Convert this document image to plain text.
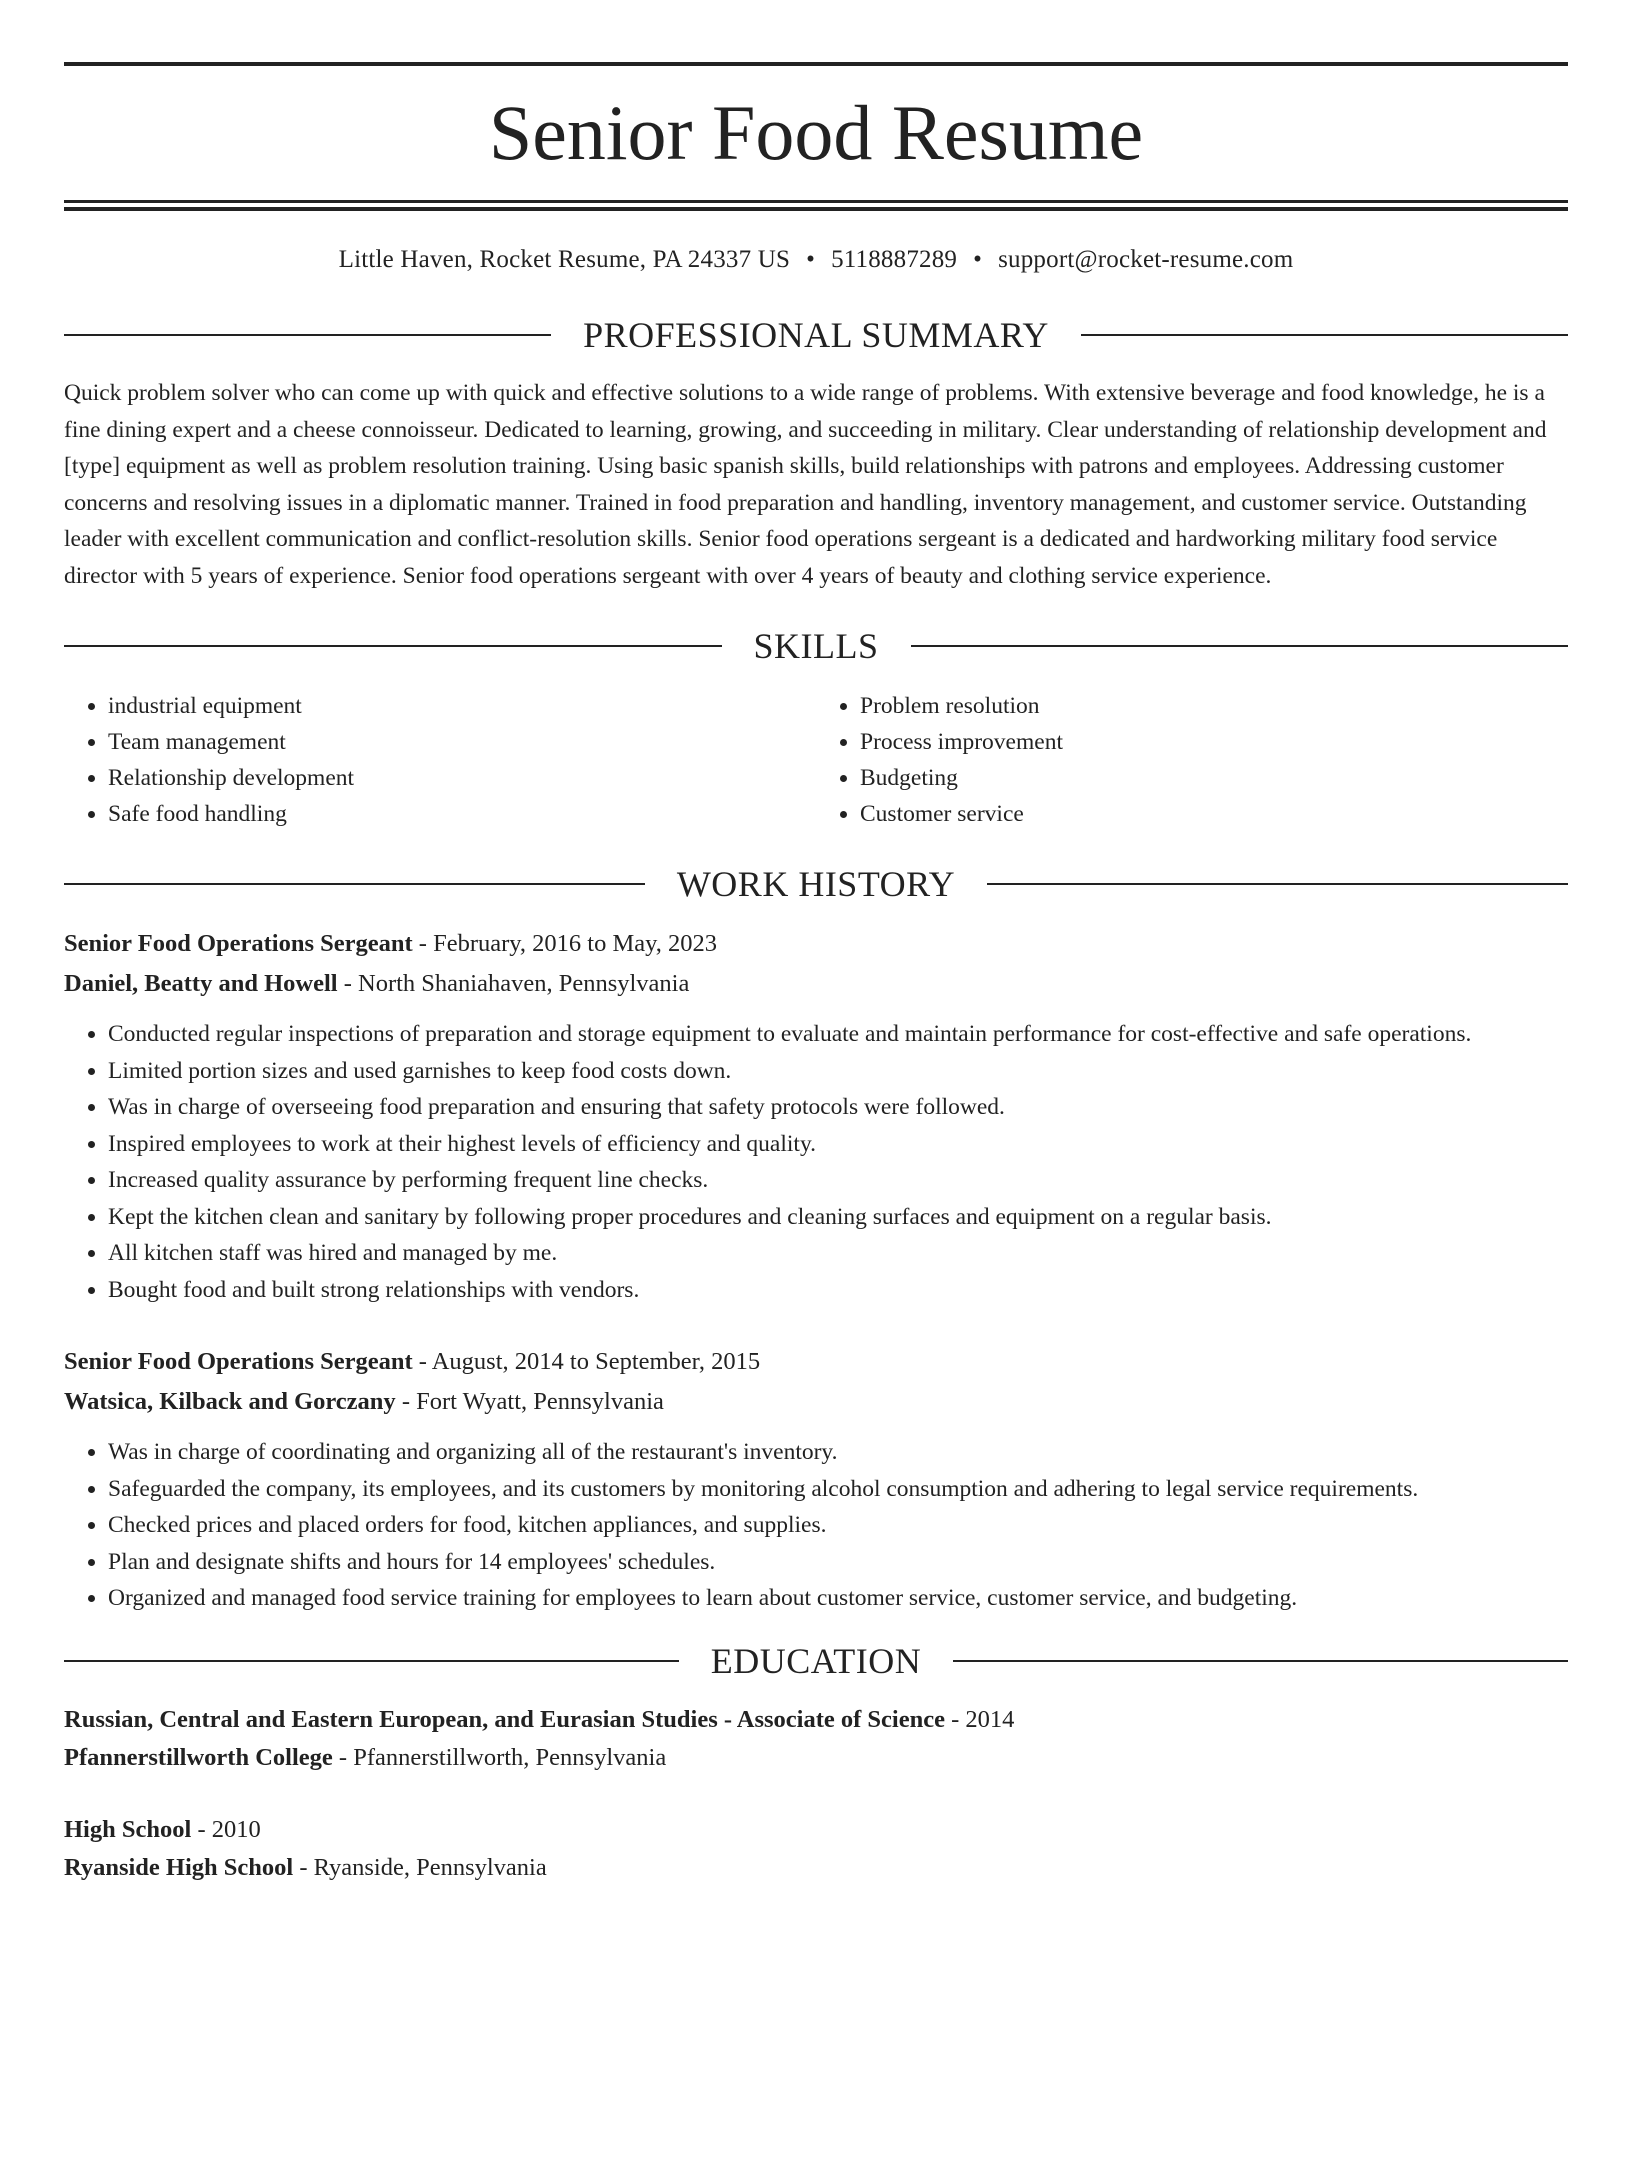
Senior Food Resume
Little Haven, Rocket Resume, PA 24337 US • 5118887289 • support@rocket-resume.com
PROFESSIONAL SUMMARY

Quick problem solver who can come up with quick and effective solutions to a wide range of problems. With extensive beverage and food knowledge, he is a fine dining expert and a cheese connoisseur. Dedicated to learning, growing, and succeeding in military. Clear understanding of relationship development and [type] equipment as well as problem resolution training. Using basic spanish skills, build relationships with patrons and employees. Addressing customer concerns and resolving issues in a diplomatic manner. Trained in food preparation and handling, inventory management, and customer service. Outstanding leader with excellent communication and conflict-resolution skills. Senior food operations sergeant is a dedicated and hardworking military food service director with 5 years of experience. Senior food operations sergeant with over 4 years of beauty and clothing service experience.

SKILLS
• industrial equipment
• Team management
• Relationship development
• Safe food handling
• Problem resolution
• Process improvement
• Budgeting
• Customer service
WORK HISTORY
Senior Food Operations Sergeant - February, 2016 to May, 2023
Daniel, Beatty and Howell - North Shaniahaven, Pennsylvania
• Conducted regular inspections of preparation and storage equipment to evaluate and maintain performance for cost-effective and safe operations.
• Limited portion sizes and used garnishes to keep food costs down.
• Was in charge of overseeing food preparation and ensuring that safety protocols were followed.
• Inspired employees to work at their highest levels of efficiency and quality.
• Increased quality assurance by performing frequent line checks.
• Kept the kitchen clean and sanitary by following proper procedures and cleaning surfaces and equipment on a regular basis.
• All kitchen staff was hired and managed by me.
• Bought food and built strong relationships with vendors.
Senior Food Operations Sergeant - August, 2014 to September, 2015
Watsica, Kilback and Gorczany - Fort Wyatt, Pennsylvania
• Was in charge of coordinating and organizing all of the restaurant's inventory.
• Safeguarded the company, its employees, and its customers by monitoring alcohol consumption and adhering to legal service requirements.
• Checked prices and placed orders for food, kitchen appliances, and supplies.
• Plan and designate shifts and hours for 14 employees' schedules.
• Organized and managed food service training for employees to learn about customer service, customer service, and budgeting.
EDUCATION
Russian, Central and Eastern European, and Eurasian Studies - Associate of Science - 2014
Pfannerstillworth College - Pfannerstillworth, Pennsylvania
High School - 2010
Ryanside High School - Ryanside, Pennsylvania
